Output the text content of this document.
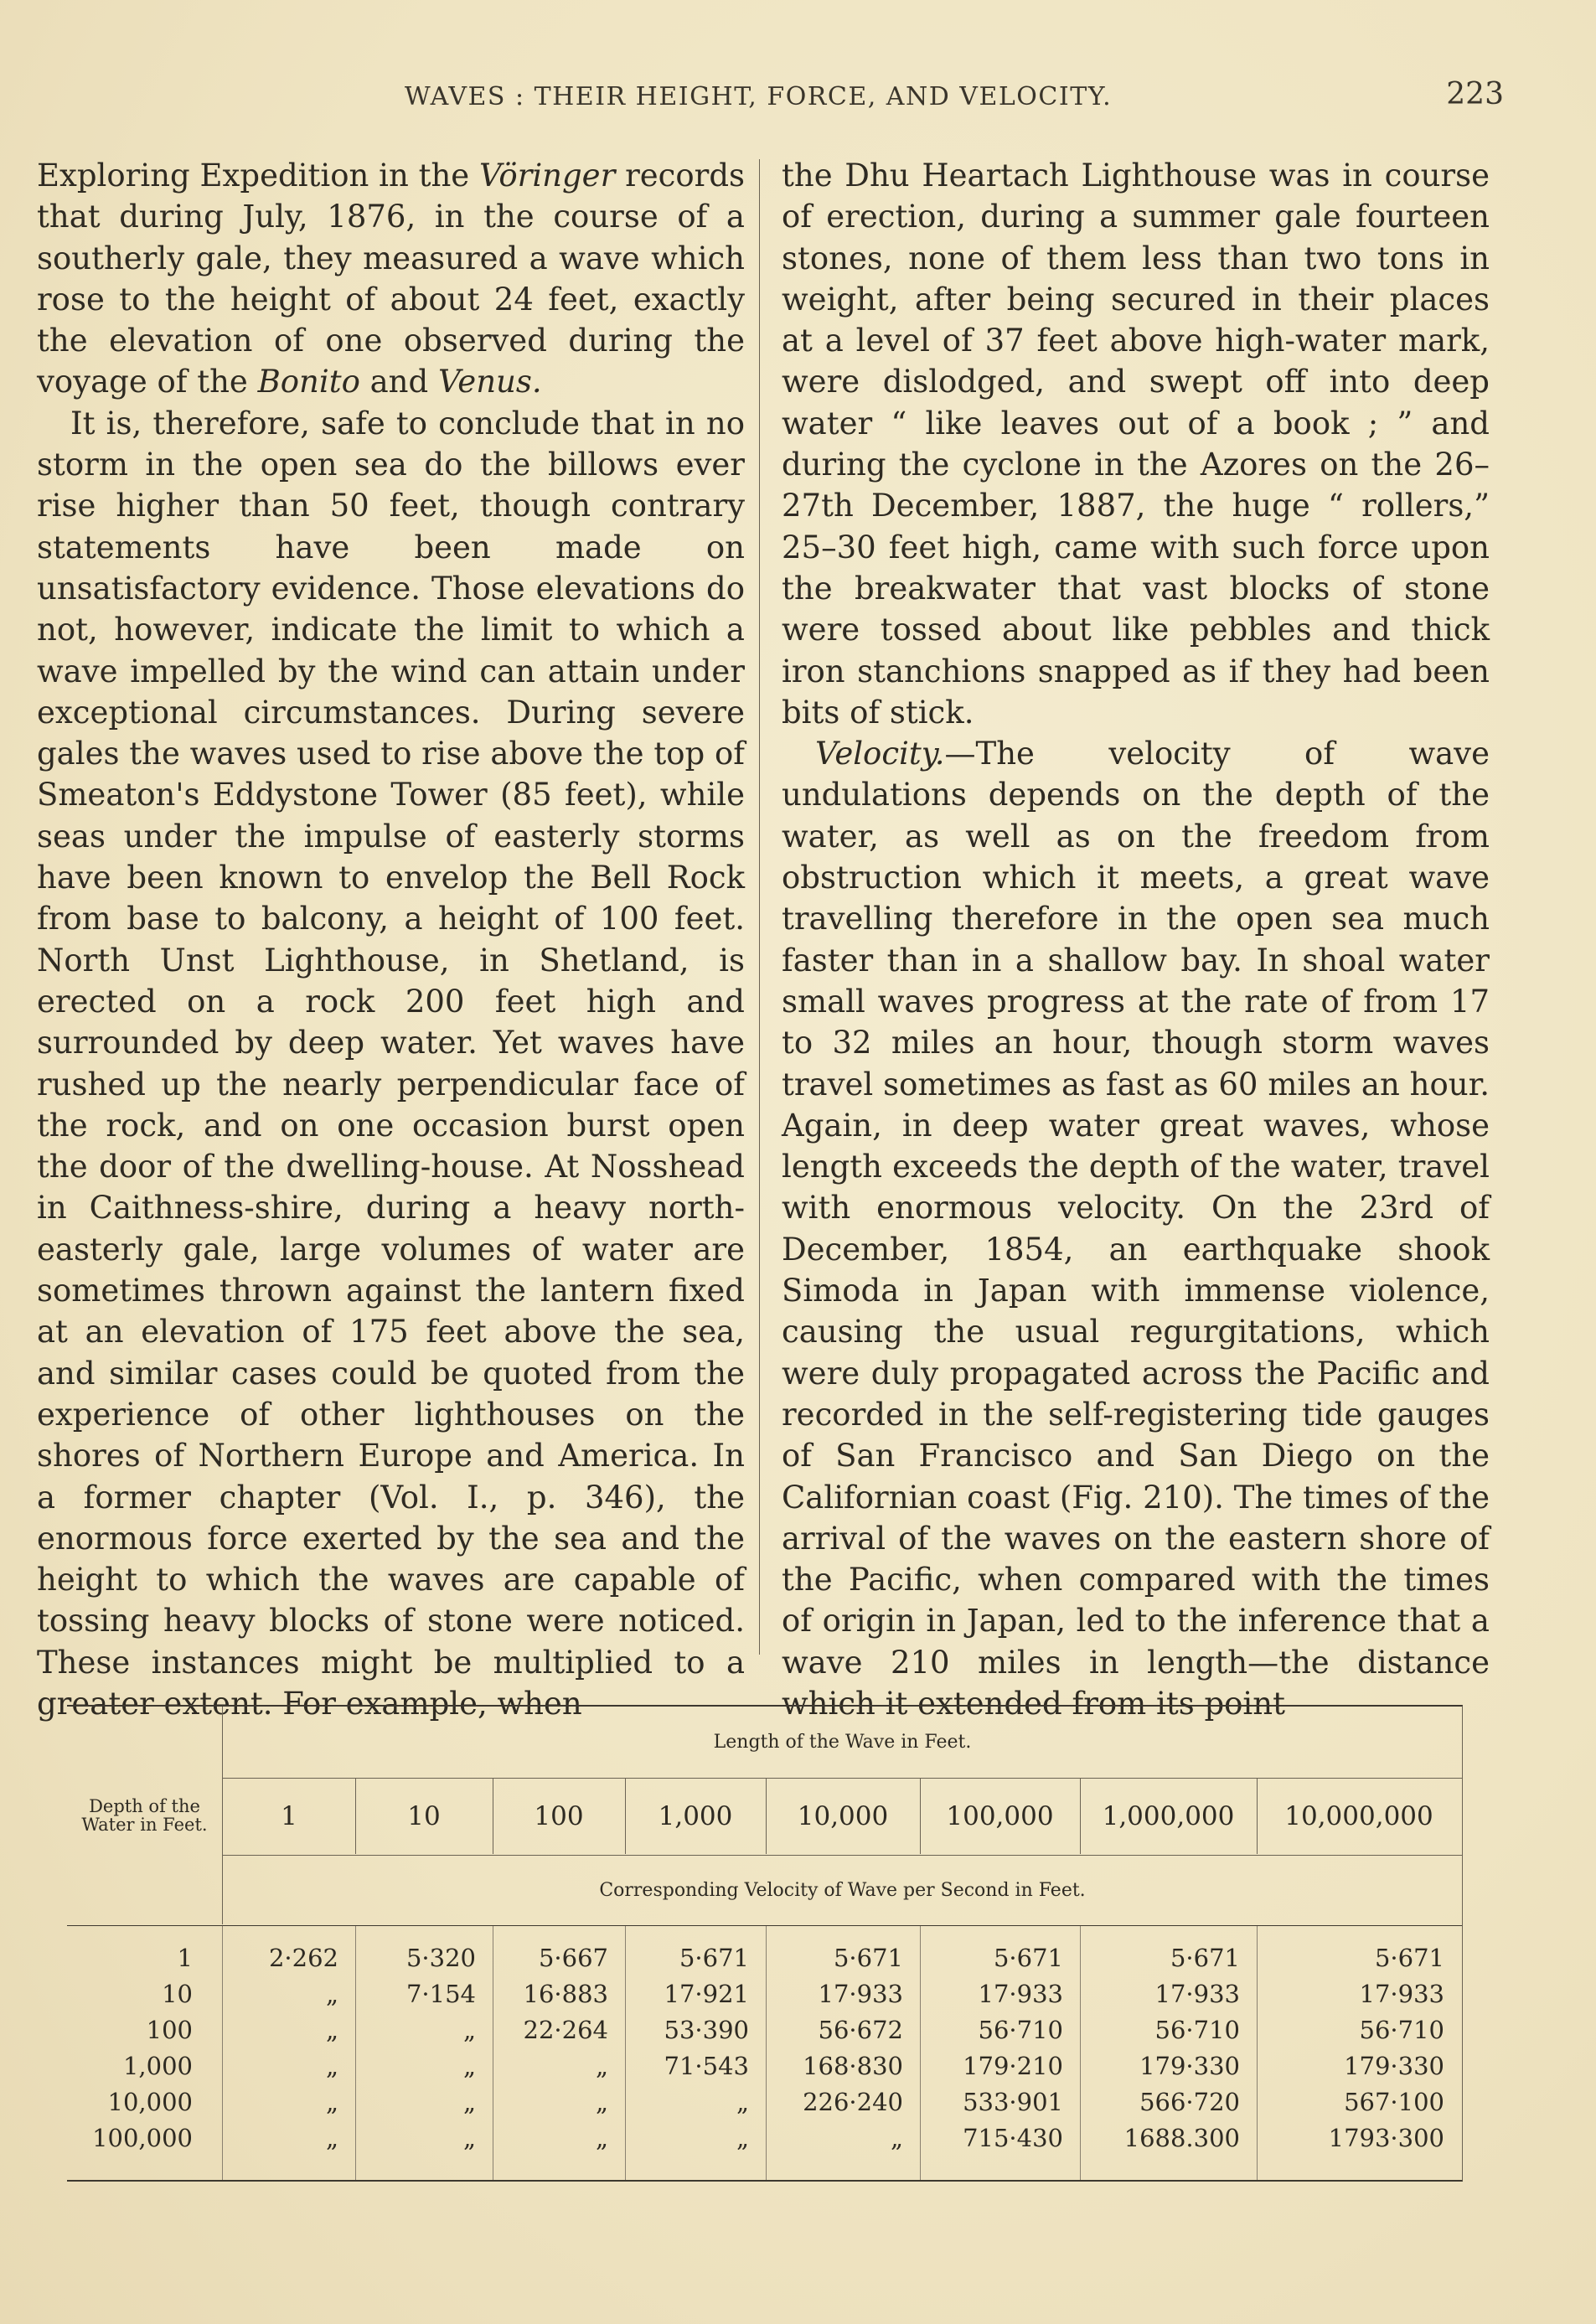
WAVES : THEIR HEIGHT, FORCE, AND VELOCITY.	223

Exploring Expedition in the Vöringer records that during July, 1876, in the course of a southerly gale, they measured a wave which rose to the height of about 24 feet, exactly the elevation of one observed during the voyage of the Bonito and Venus.

It is, therefore, safe to conclude that in no storm in the open sea do the billows ever rise higher than 50 feet, though contrary statements have been made on unsatisfactory evidence. Those elevations do not, however, indicate the limit to which a wave impelled by the wind can attain under exceptional circumstances. During severe gales the waves used to rise above the top of Smeaton's Eddystone Tower (85 feet), while seas under the impulse of easterly storms have been known to envelop the Bell Rock from base to balcony, a height of 100 feet. North Unst Lighthouse, in Shetland, is erected on a rock 200 feet high and surrounded by deep water. Yet waves have rushed up the nearly perpendicular face of the rock, and on one occasion burst open the door of the dwelling-house. At Nosshead in Caithness-shire, during a heavy north-easterly gale, large volumes of water are sometimes thrown against the lantern fixed at an elevation of 175 feet above the sea, and similar cases could be quoted from the experience of other lighthouses on the shores of Northern Europe and America. In a former chapter (Vol. I., p. 346), the enormous force exerted by the sea and the height to which the waves are capable of tossing heavy blocks of stone were noticed. These instances might be multiplied to a greater extent. For example, when

the Dhu Heartach Lighthouse was in course of erection, during a summer gale fourteen stones, none of them less than two tons in weight, after being secured in their places at a level of 37 feet above high-water mark, were dislodged, and swept off into deep water “ like leaves out of a book ; ” and during the cyclone in the Azores on the 26–27th December, 1887, the huge “ rollers,” 25–30 feet high, came with such force upon the breakwater that vast blocks of stone were tossed about like pebbles and thick iron stanchions snapped as if they had been bits of stick.

Velocity.—The velocity of wave undulations depends on the depth of the water, as well as on the freedom from obstruction which it meets, a great wave travelling therefore in the open sea much faster than in a shallow bay. In shoal water small waves progress at the rate of from 17 to 32 miles an hour, though storm waves travel sometimes as fast as 60 miles an hour. Again, in deep water great waves, whose length exceeds the depth of the water, travel with enormous velocity. On the 23rd of December, 1854, an earthquake shook Simoda in Japan with immense violence, causing the usual regurgitations, which were duly propagated across the Pacific and recorded in the self-registering tide gauges of San Francisco and San Diego on the Californian coast (Fig. 210). The times of the arrival of the waves on the eastern shore of the Pacific, when compared with the times of origin in Japan, led to the inference that a wave 210 miles in length—the distance which it extended from its point

Depth of the Water in Feet.
Length of the Wave in Feet.
1	10	100	1,000	10,000	100,000	1,000,000	10,000,000
Corresponding Velocity of Wave per Second in Feet.
1	2·262	5·320	5·667	5·671	5·671	5·671	5·671	5·671
10	„	7·154	16·883	17·921	17·933	17·933	17·933	17·933
100	„	„	22·264	53·390	56·672	56·710	56·710	56·710
1,000	„	„	„	71·543	168·830	179·210	179·330	179·330
10,000	„	„	„	„	226·240	533·901	566·720	567·100
100,000	„	„	„	„	„	715·430	1688.300	1793·300
